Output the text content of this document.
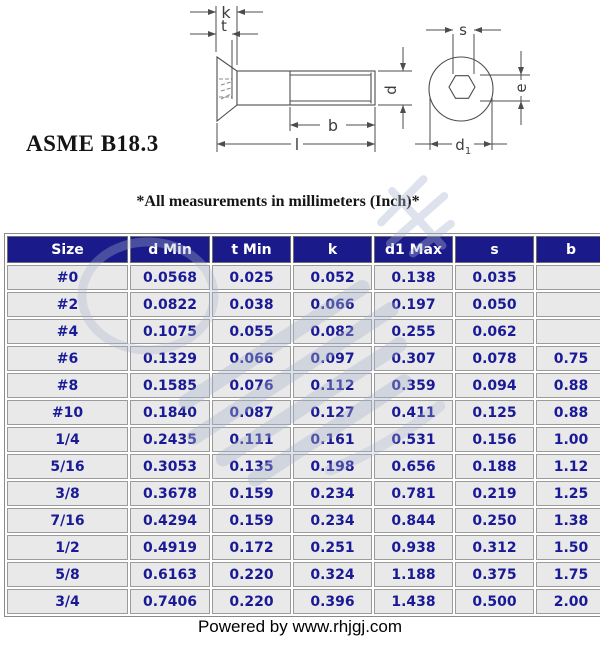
k
t
d
b
l
s
e
d 1
ASME B18.3
*All measurements in millimeters (Inch)*
Size	d Min	t Min	k	d1 Max	s	b
#0	0.0568	0.025	0.052	0.138	0.035	
#2	0.0822	0.038	0.066	0.197	0.050	
#4	0.1075	0.055	0.082	0.255	0.062	
#6	0.1329	0.066	0.097	0.307	0.078	0.75
#8	0.1585	0.076	0.112	0.359	0.094	0.88
#10	0.1840	0.087	0.127	0.411	0.125	0.88
1/4	0.2435	0.111	0.161	0.531	0.156	1.00
5/16	0.3053	0.135	0.198	0.656	0.188	1.12
3/8	0.3678	0.159	0.234	0.781	0.219	1.25
7/16	0.4294	0.159	0.234	0.844	0.250	1.38
1/2	0.4919	0.172	0.251	0.938	0.312	1.50
5/8	0.6163	0.220	0.324	1.188	0.375	1.75
3/4	0.7406	0.220	0.396	1.438	0.500	2.00
Powered by www.rhjgj.com
